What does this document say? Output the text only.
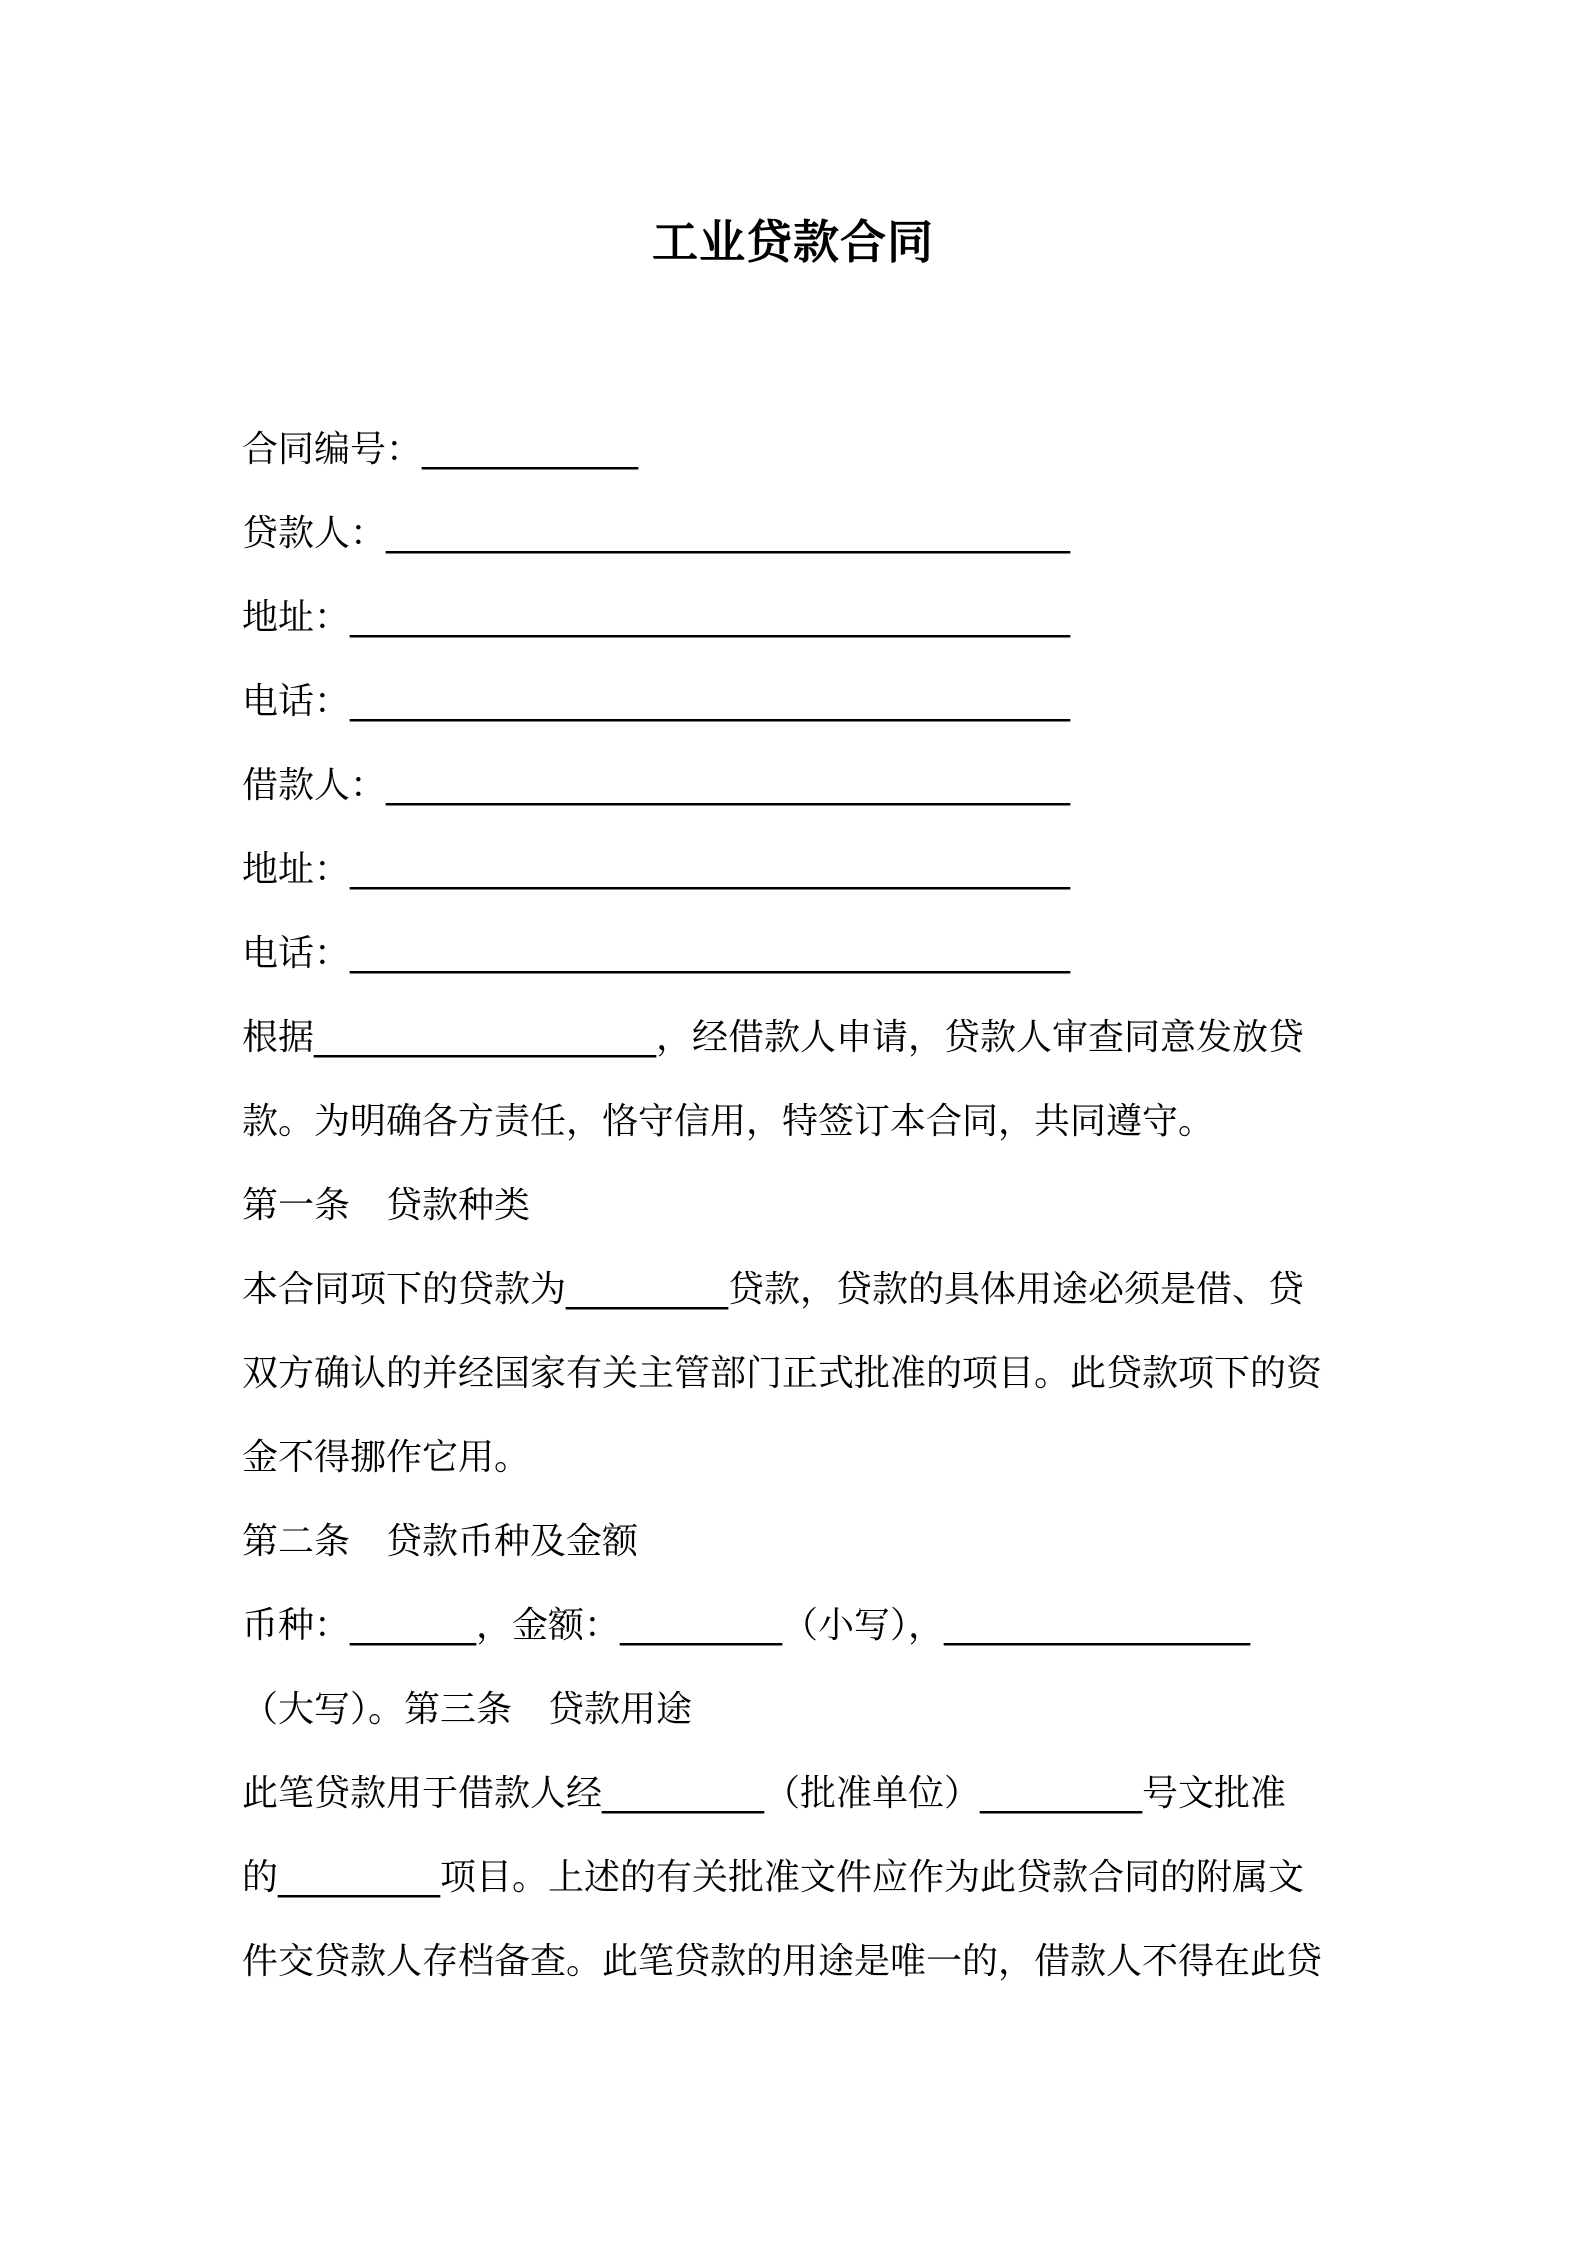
工业贷款合同
合同编号：____________
贷款人：______________________________________
地址：________________________________________
电话：________________________________________
借款人：______________________________________
地址：________________________________________
电话：________________________________________
根据___________________，经借款人申请，贷款人审查同意发放贷
款。为明确各方责任，恪守信用，特签订本合同，共同遵守。
第一条　贷款种类
本合同项下的贷款为_________贷款，贷款的具体用途必须是借、贷
双方确认的并经国家有关主管部门正式批准的项目。此贷款项下的资
金不得挪作它用。
第二条　贷款币种及金额
币种：_______，金额：_________（小写），_________________
（大写）。第三条　贷款用途
此笔贷款用于借款人经_________（批准单位）_________号文批准
的_________项目。上述的有关批准文件应作为此贷款合同的附属文
件交贷款人存档备查。此笔贷款的用途是唯一的，借款人不得在此贷
